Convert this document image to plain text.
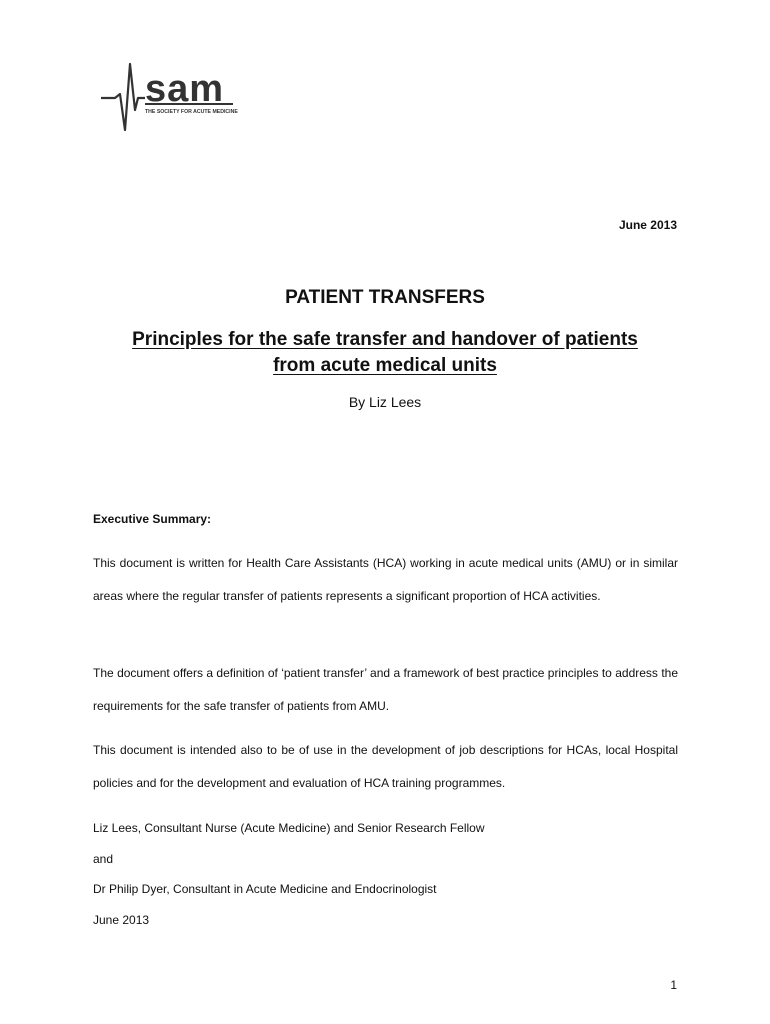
sam
THE SOCIETY FOR ACUTE MEDICINE
June 2013
PATIENT TRANSFERS
Principles for the safe transfer and handover of patients
from acute medical units
By Liz Lees
Executive Summary:

This document is written for Health Care Assistants (HCA) working in acute medical units (AMU) or in similar areas where the regular transfer of patients represents a significant proportion of HCA activities.

The document offers a definition of ‘patient transfer’ and a framework of best practice principles to address the requirements for the safe transfer of patients from AMU.

This document is intended also to be of use in the development of job descriptions for HCAs, local Hospital policies and for the development and evaluation of HCA training programmes.

Liz Lees, Consultant Nurse (Acute Medicine) and Senior Research Fellow
and
Dr Philip Dyer, Consultant in Acute Medicine and Endocrinologist
June 2013
1
